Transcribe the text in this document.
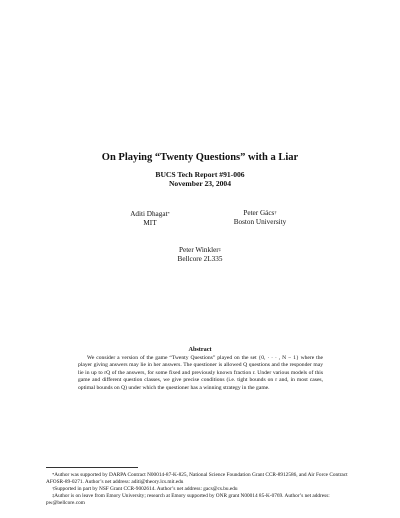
On Playing “Twenty Questions” with a Liar
BUCS Tech Report #91-006
November 23, 2004
Aditi Dhagat*
MIT
Peter Gács†
Boston University
Peter Winkler‡
Bellcore 2L335
Abstract
We consider a version of the game “Twenty Questions” played on the set {0, · · · , N − 1} where the player giving answers may lie in her answers. The questioner is allowed Q questions and the responder may lie in up to rQ of the answers, for some fixed and previously known fraction r. Under various models of this game and different question classes, we give precise conditions (i.e. tight bounds on r and, in most cases, optimal bounds on Q) under which the questioner has a winning strategy in the game.

*Author was supported by DARPA Contract N00014-87-K-825, National Science Foundation Grant CCR-8912586, and Air Force Contract AFOSR-89-0271. Author’s net address: aditi@theory.lcs.mit.edu

†Supported in part by NSF Grant CCR-9002614. Author’s net address: gacs@cs.bu.edu

‡Author is on leave from Emory University; research at Emory supported by ONR grant N00014 85-K-0769. Author’s net address: pw@bellcore.com
